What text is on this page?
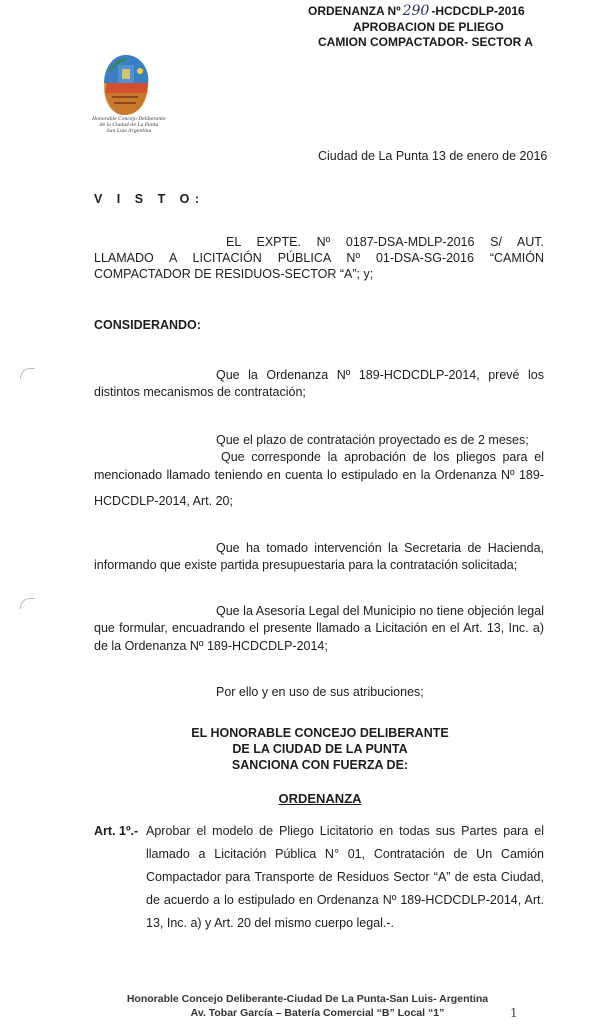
ORDENANZA Nº 290 -HCDCDLP-2016
APROBACION DE PLIEGO
CAMION COMPACTADOR- SECTOR A
Honorable Concejo Deliberante
de la Ciudad de La Punta
San Luis Argentina
Ciudad de La Punta 13 de enero de 2016
V I S T O:
EL EXPTE. Nº 0187-DSA-MDLP-2016 S/ AUT.
LLAMADO A LICITACIÓN PÚBLICA Nº 01-DSA-SG-2016 “CAMIÓN
COMPACTADOR DE RESIDUOS-SECTOR “A”; y;
CONSIDERANDO:
Que la Ordenanza Nº 189-HCDCDLP-2014, prevé los
distintos mecanismos de contratación;
Que el plazo de contratación proyectado es de 2 meses;
Que corresponde la aprobación de los pliegos para el
mencionado llamado teniendo en cuenta lo estipulado en la Ordenanza Nº 189-
HCDCDLP-2014, Art. 20;
Que ha tomado intervención la Secretaria de Hacienda,
informando que existe partida presupuestaria para la contratación solicitada;
Que la Asesoría Legal del Municipio no tiene objeción legal
que formular, encuadrando el presente llamado a Licitación en el Art. 13, Inc. a)
de la Ordenanza Nº 189-HCDCDLP-2014;
Por ello y en uso de sus atribuciones;
EL HONORABLE CONCEJO DELIBERANTE
DE LA CIUDAD DE LA PUNTA
SANCIONA CON FUERZA DE:
ORDENANZA
Art. 1º.- Aprobar el modelo de Pliego Licitatorio en todas sus Partes para el
llamado a Licitación Pública N° 01, Contratación de Un Camión
Compactador para Transporte de Residuos Sector “A” de esta Ciudad,
de acuerdo a lo estipulado en Ordenanza Nº 189-HCDCDLP-2014, Art.
13, Inc. a) y Art. 20 del mismo cuerpo legal.-.
Honorable Concejo Deliberante-Ciudad De La Punta-San Luis- Argentina
Av. Tobar García – Batería Comercial “B” Local “1”	1
